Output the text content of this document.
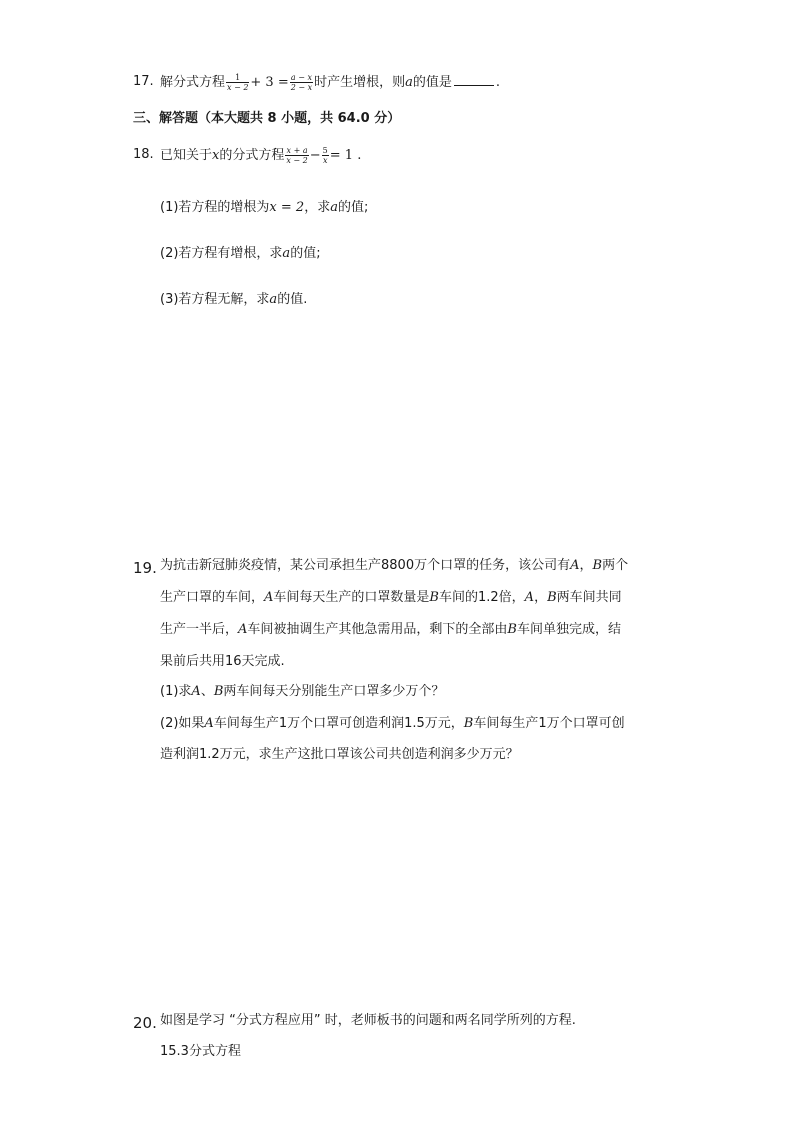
17. 解分式方程 $\frac{1}{x - 2} + 3 = \frac{a - x}{2 - x}$ 时产生增根，则a的值是	.
三、解答题（本大题共 8 小题，共 64.0 分）
18. 已知关于x的分式方程 $\frac{x + a}{x - 2} - \frac{5}{x} = 1$ .
(1)若方程的增根为x = 2，求a的值;
(2)若方程有增根，求a的值;
(3)若方程无解，求a的值.
19. 为抗击新冠肺炎疫情，某公司承担生产8800万个口罩的任务，该公司有A，B两个
生产口罩的车间，A车间每天生产的口罩数量是B车间的1.2倍，A，B两车间共同
生产一半后，A车间被抽调生产其他急需用品，剩下的全部由B车间单独完成，结
果前后共用16天完成.
(1)求A、B两车间每天分别能生产口罩多少万个？
(2)如果A车间每生产1万个口罩可创造利润1.5万元，B车间每生产1万个口罩可创
造利润1.2万元，求生产这批口罩该公司共创造利润多少万元？
20. 如图是学习 “分式方程应用” 时，老师板书的问题和两名同学所列的方程.
15.3分式方程
